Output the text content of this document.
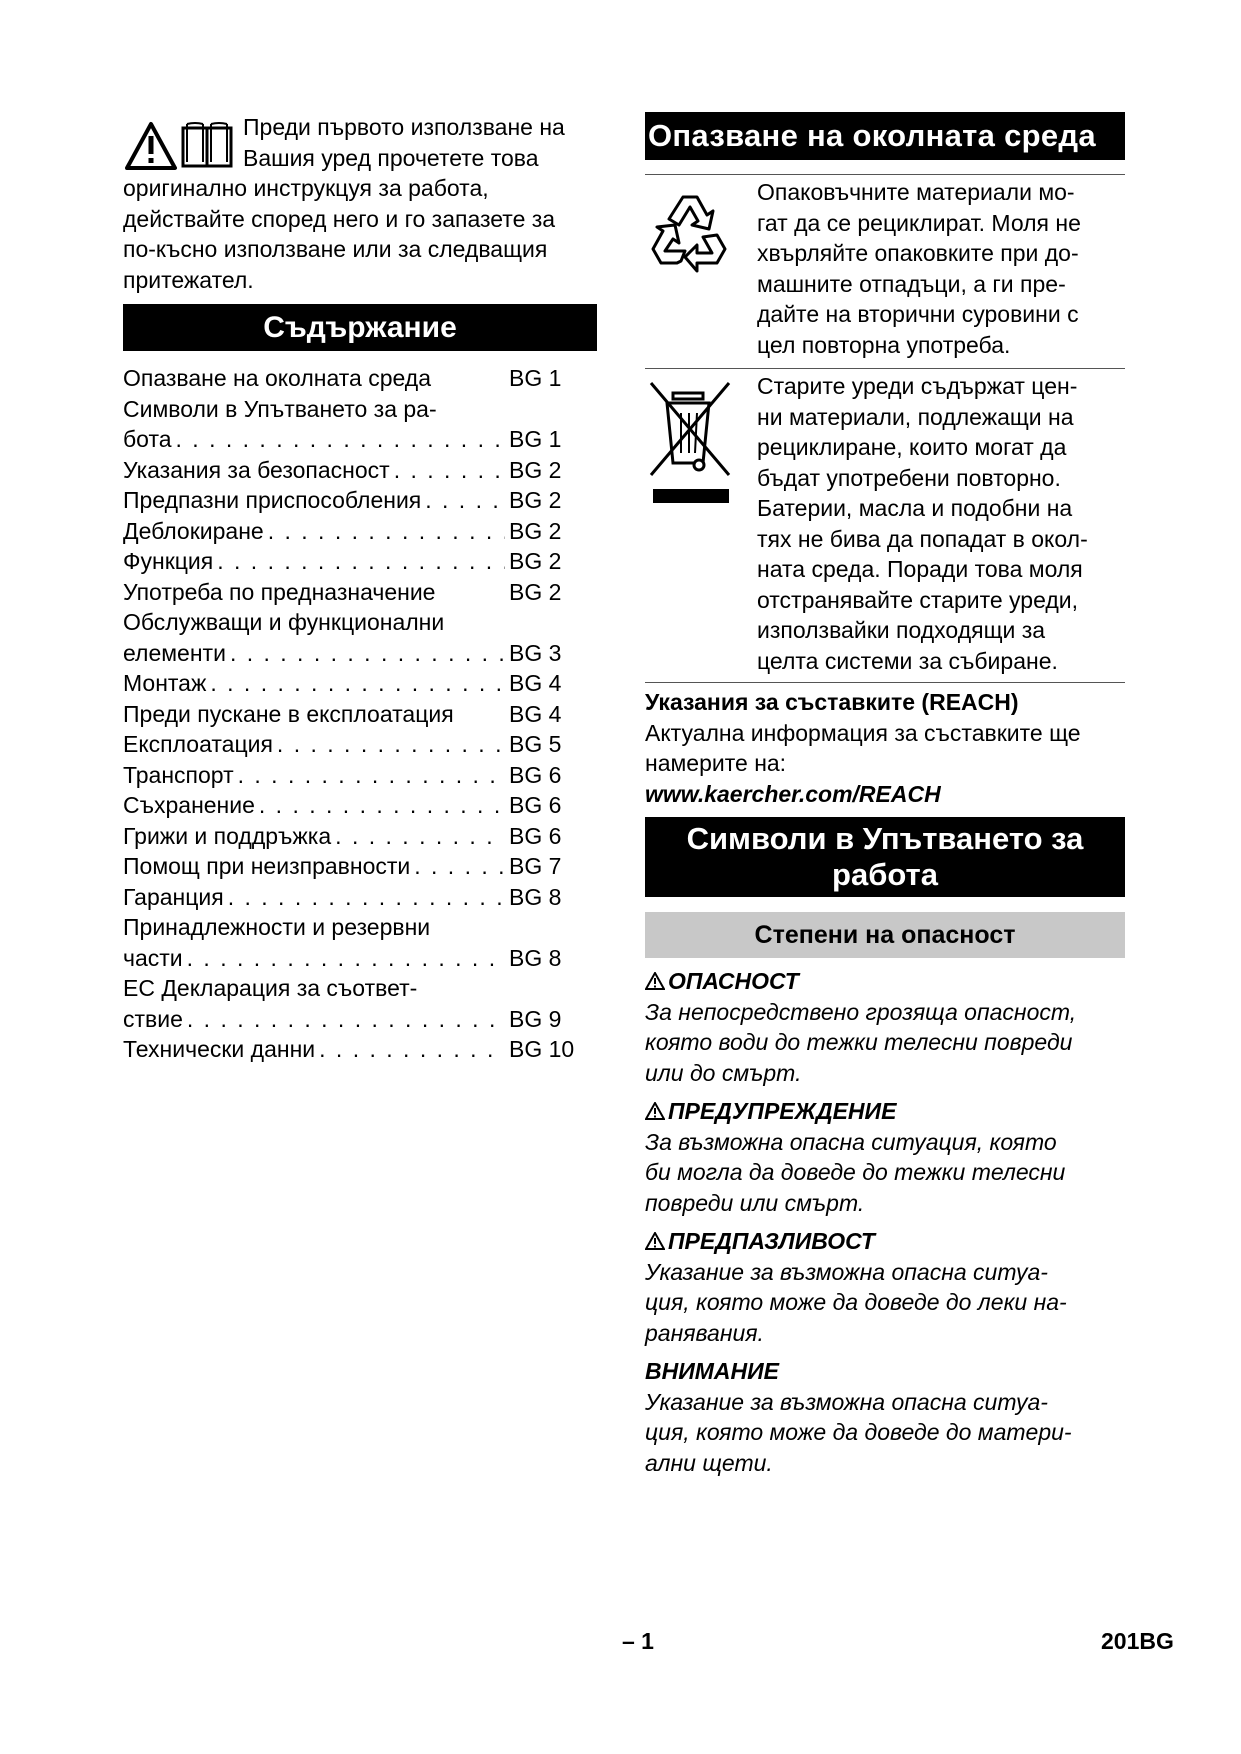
Преди първото използване на

Вашия уред прочетете това

оригинално инструкцуя за работа,

действайте според него и го запазете за

по-късно използване или за следващия

притежател.

Съдържание
Опазване на околната среда	BG 1
Символи в Упътването за ра-
бота . . .	BG 1
Указания за безопасност . . .	BG 2
Предпазни приспособления . . .	BG 2
Деблокиране . . .	BG 2
Функция . . .	BG 2
Употреба по предназначение	BG 2
Обслужващи и функционални
елементи . . .	BG 3
Монтаж . . .	BG 4
Преди пускане в експлоатация BG 4
Експлоатация . . .	BG 5
Транспорт . . .	BG 6
Съхранение . . .	BG 6
Грижи и поддръжка . . .	BG 6
Помощ при неизправности . . .	BG 7
Гаранция . . .	BG 8
Принадлежности и резервни
части . . .	BG 8
ЕС Декларация за съответ-
ствие . . .	BG 9
Технически данни . . .	BG 10
Опазване на околната среда

Опаковъчните материали мо-

гат да се рециклират. Моля не

хвърляйте опаковките при до-

машните отпадъци, а ги пре-

дайте на вторични суровини с

цел повторна употреба.

Старите уреди съдържат цен-

ни материали, подлежащи на

рециклиране, които могат да

бъдат употребени повторно.

Батерии, масла и подобни на

тях не бива да попадат в окол-

ната среда. Поради това моля

отстранявайте старите уреди,

използвайки подходящи за

целта системи за събиране.

Указания за съставките (REACH)

Актуална информация за съставките ще

намерите на:

www.kaercher.com/REACH

Символи в Упътването за
работа
Степени на опасност

ОПАСНОСТ

За непосредствено грозяща опасност,

която води до тежки телесни повреди

или до смърт.

ПРЕДУПРЕЖДЕНИЕ

За възможна опасна ситуация, която

би могла да доведе до тежки телесни

повреди или смърт.

ПРЕДПАЗЛИВОСТ

Указание за възможна опасна ситуа-

ция, която може да доведе до леки на-

ранявания.

ВНИМАНИЕ

Указание за възможна опасна ситуа-

ция, която може да доведе до матери-

ални щети.

– 1	201BG
